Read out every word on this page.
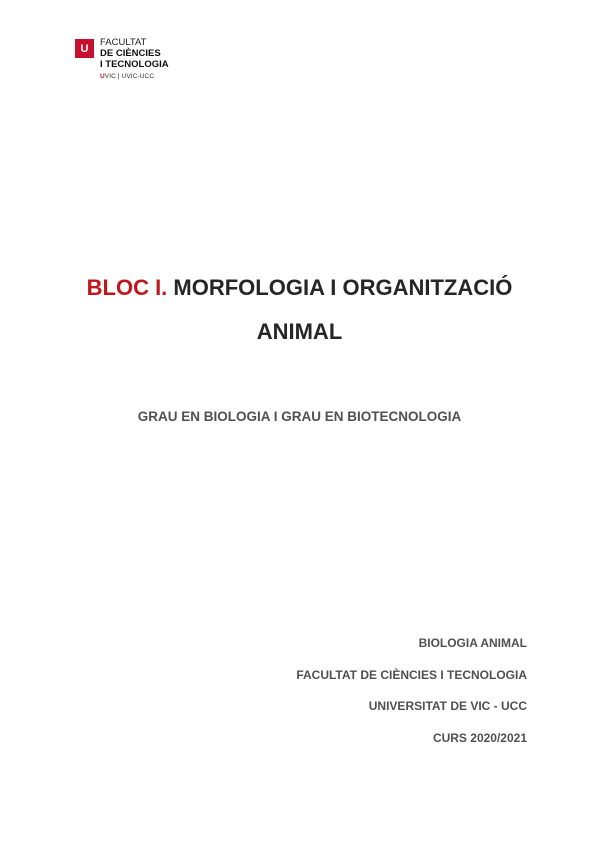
U	FACULTAT
DE CIÈNCIES
I TECNOLOGIA
UVIC | UVIC-UCC
BLOC I. MORFOLOGIA I ORGANITZACIÓ
ANIMAL
GRAU EN BIOLOGIA I GRAU EN BIOTECNOLOGIA
BIOLOGIA ANIMAL
FACULTAT DE CIÈNCIES I TECNOLOGIA
UNIVERSITAT DE VIC - UCC
CURS 2020/2021
